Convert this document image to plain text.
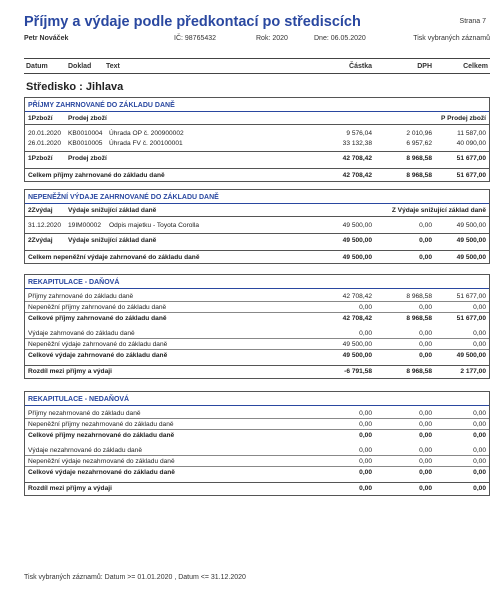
Příjmy a výdaje podle předkontací po střediscích	Strana 7
Petr Nováček	IČ: 98765432	Rok: 2020	Dne: 06.05.2020	Tisk vybraných záznamů
Datum	Doklad	Text	Částka	DPH	Celkem
Středisko : Jihlava
PŘÍJMY ZAHRNOVANÉ DO ZÁKLADU DANĚ
1Pzboží	Prodej zboží	P Prodej zboží
20.01.2020	KB0010004 Úhrada OP č. 200900002	9 576,04	2 010,96	11 587,00
26.01.2020	KB0010005 Úhrada FV č. 200100001	33 132,38	6 957,62	40 090,00
1Pzboží	Prodej zboží	42 708,42	8 968,58	51 677,00
Celkem příjmy zahrnované do základu daně	42 708,42	8 968,58	51 677,00
NEPENĚŽNÍ VÝDAJE ZAHRNOVANÉ DO ZÁKLADU DANĚ
2Zvýdaj	Výdaje snižující základ daně	Z Výdaje snižující základ daně
31.12.2020	19IM00002	Odpis majetku - Toyota Corolla	49 500,00	0,00	49 500,00
2Zvýdaj	Výdaje snižující základ daně	49 500,00	0,00	49 500,00
Celkem nepeněžní výdaje zahrnované do základu daně	49 500,00	0,00	49 500,00
REKAPITULACE - DAŇOVÁ
Příjmy zahrnované do základu daně	42 708,42	8 968,58	51 677,00
Nepeněžní příjmy zahrnované do základu daně	0,00	0,00	0,00
Celkové příjmy zahrnované do základu daně	42 708,42	8 968,58	51 677,00
Výdaje zahrnované do základu daně	0,00	0,00	0,00
Nepeněžní výdaje zahrnované do základu daně	49 500,00	0,00	0,00
Celkové výdaje zahrnované do základu daně	49 500,00	0,00	49 500,00
Rozdíl mezi příjmy a výdaji	-6 791,58	8 968,58	2 177,00
REKAPITULACE - NEDAŇOVÁ
Příjmy nezahrnované do základu daně	0,00	0,00	0,00
Nepeněžní příjmy nezahrnované do základu daně	0,00	0,00	0,00
Celkové příjmy nezahrnované do základu daně	0,00	0,00	0,00
Výdaje nezahrnované do základu daně	0,00	0,00	0,00
Nepeněžní výdaje nezahrnované do základu daně	0,00	0,00	0,00
Celkové výdaje nezahrnované do základu daně	0,00	0,00	0,00
Rozdíl mezi příjmy a výdaji	0,00	0,00	0,00
Tisk vybraných záznamů: Datum >= 01.01.2020 , Datum <= 31.12.2020
